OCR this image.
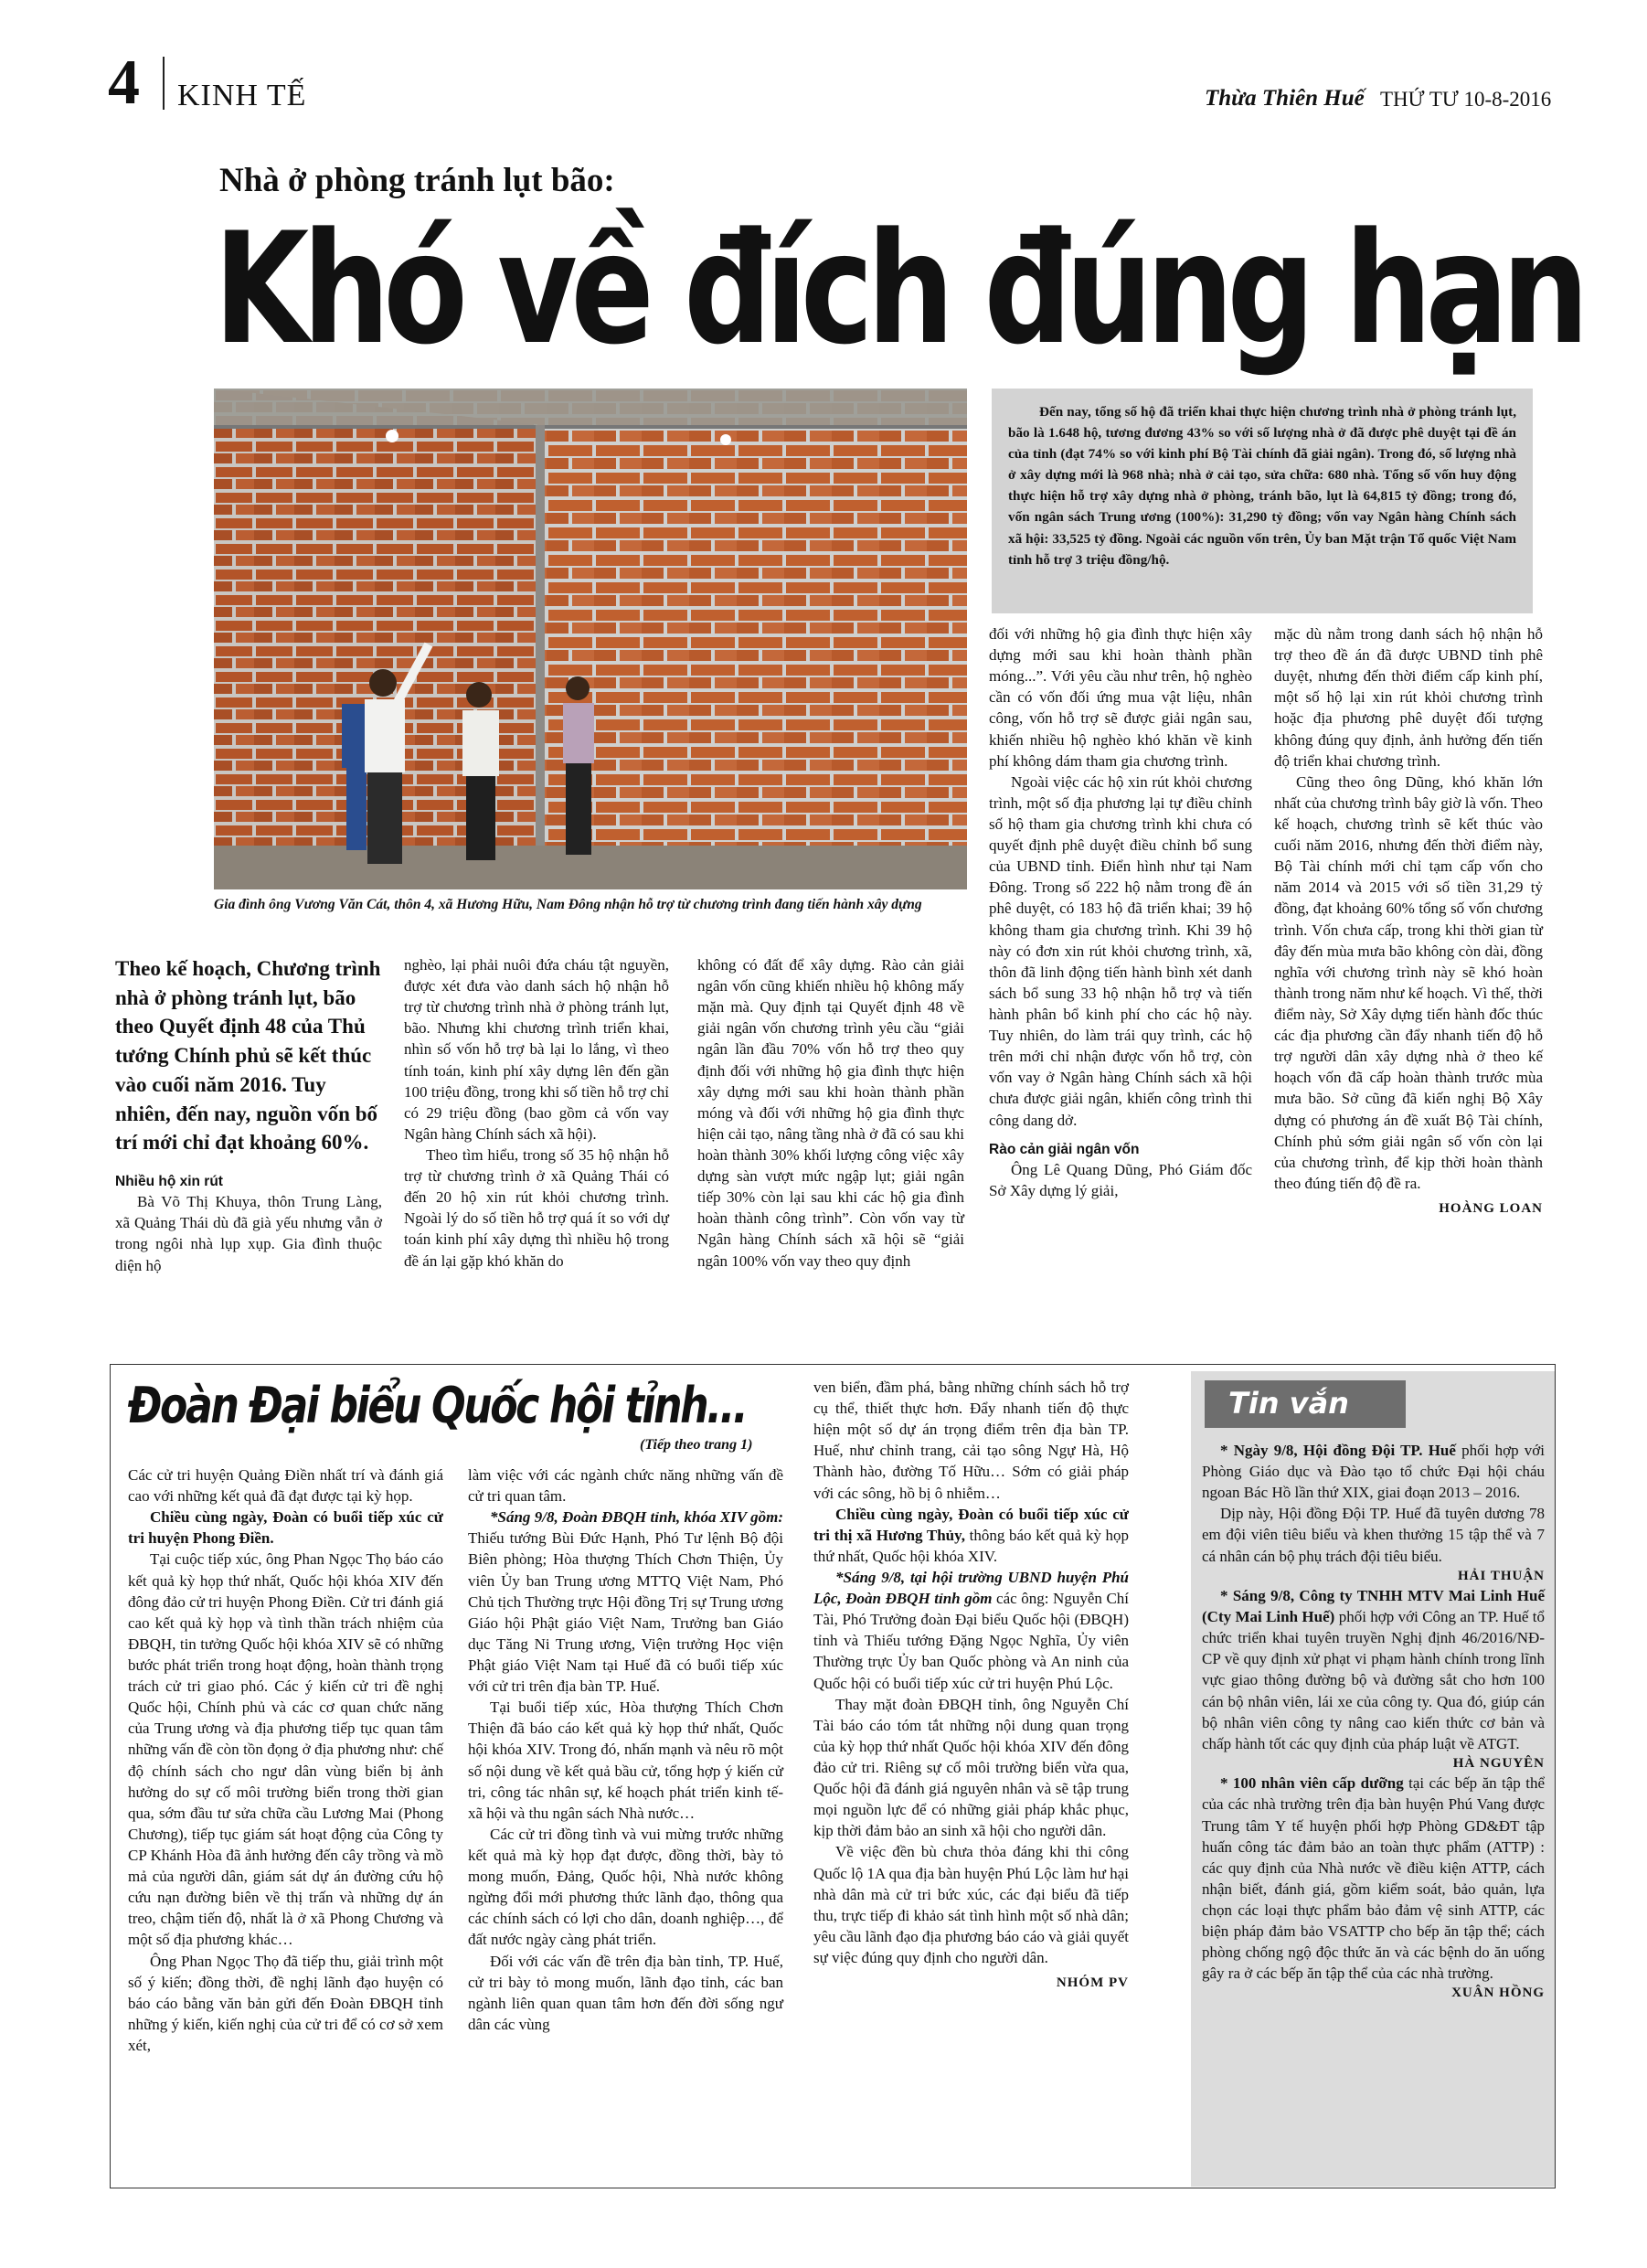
4 KINH TẾ	Thừa Thiên Huế THỨ TƯ 10-8-2016
Nhà ở phòng tránh lụt bão:
Khó về đích đúng hạn
Gia đình ông Vương Văn Cát, thôn 4, xã Hương Hữu, Nam Đông nhận hỗ trợ từ chương trình đang tiến hành xây dựng

Đến nay, tổng số hộ đã triển khai thực hiện chương trình nhà ở phòng tránh lụt, bão là 1.648 hộ, tương đương 43% so với số lượng nhà ở đã được phê duyệt tại đề án của tỉnh (đạt 74% so với kinh phí Bộ Tài chính đã giải ngân). Trong đó, số lượng nhà ở xây dựng mới là 968 nhà; nhà ở cải tạo, sửa chữa: 680 nhà. Tổng số vốn huy động thực hiện hỗ trợ xây dựng nhà ở phòng, tránh bão, lụt là 64,815 tỷ đồng; trong đó, vốn ngân sách Trung ương (100%): 31,290 tỷ đồng; vốn vay Ngân hàng Chính sách xã hội: 33,525 tỷ đồng. Ngoài các nguồn vốn trên, Ủy ban Mặt trận Tổ quốc Việt Nam tỉnh hỗ trợ 3 triệu đồng/hộ.

Theo kế hoạch, Chương trình nhà ở phòng tránh lụt, bão theo Quyết định 48 của Thủ tướng Chính phủ sẽ kết thúc vào cuối năm 2016. Tuy nhiên, đến nay, nguồn vốn bố trí mới chỉ đạt khoảng 60%.

Nhiều hộ xin rút

Bà Võ Thị Khuya, thôn Trung Làng, xã Quảng Thái dù đã già yếu nhưng vẫn ở trong ngôi nhà lụp xụp. Gia đình thuộc diện hộ

nghèo, lại phải nuôi đứa cháu tật nguyền, được xét đưa vào danh sách hộ nhận hỗ trợ từ chương trình nhà ở phòng tránh lụt, bão. Nhưng khi chương trình triển khai, nhìn số vốn hỗ trợ bà lại lo lắng, vì theo tính toán, kinh phí xây dựng lên đến gần 100 triệu đồng, trong khi số tiền hỗ trợ chỉ có 29 triệu đồng (bao gồm cả vốn vay Ngân hàng Chính sách xã hội).

Theo tìm hiểu, trong số 35 hộ nhận hỗ trợ từ chương trình ở xã Quảng Thái có đến 20 hộ xin rút khỏi chương trình. Ngoài lý do số tiền hỗ trợ quá ít so với dự toán kinh phí xây dựng thì nhiều hộ trong đề án lại gặp khó khăn do

không có đất để xây dựng. Rào cản giải ngân vốn cũng khiến nhiều hộ không mấy mặn mà. Quy định tại Quyết định 48 về giải ngân vốn chương trình yêu cầu “giải ngân lần đầu 70% vốn hỗ trợ theo quy định đối với những hộ gia đình thực hiện xây dựng mới sau khi hoàn thành phần móng và đối với những hộ gia đình thực hiện cải tạo, nâng tầng nhà ở đã có sau khi hoàn thành 30% khối lượng công việc xây dựng sàn vượt mức ngập lụt; giải ngân tiếp 30% còn lại sau khi các hộ gia đình hoàn thành công trình”. Còn vốn vay từ Ngân hàng Chính sách xã hội sẽ “giải ngân 100% vốn vay theo quy định

đối với những hộ gia đình thực hiện xây dựng mới sau khi hoàn thành phần móng...”. Với yêu cầu như trên, hộ nghèo cần có vốn đối ứng mua vật liệu, nhân công, vốn hỗ trợ sẽ được giải ngân sau, khiến nhiều hộ nghèo khó khăn về kinh phí không dám tham gia chương trình.

Ngoài việc các hộ xin rút khỏi chương trình, một số địa phương lại tự điều chỉnh số hộ tham gia chương trình khi chưa có quyết định phê duyệt điều chỉnh bổ sung của UBND tỉnh. Điển hình như tại Nam Đông. Trong số 222 hộ nằm trong đề án phê duyệt, có 183 hộ đã triển khai; 39 hộ không tham gia chương trình. Khi 39 hộ này có đơn xin rút khỏi chương trình, xã, thôn đã linh động tiến hành bình xét danh sách bổ sung 33 hộ nhận hỗ trợ và tiến hành phân bổ kinh phí cho các hộ này. Tuy nhiên, do làm trái quy trình, các hộ trên mới chỉ nhận được vốn hỗ trợ, còn vốn vay ở Ngân hàng Chính sách xã hội chưa được giải ngân, khiến công trình thi công dang dở.

Rào cản giải ngân vốn

Ông Lê Quang Dũng, Phó Giám đốc Sở Xây dựng lý giải,

mặc dù nằm trong danh sách hộ nhận hỗ trợ theo đề án đã được UBND tỉnh phê duyệt, nhưng đến thời điểm cấp kinh phí, một số hộ lại xin rút khỏi chương trình hoặc địa phương phê duyệt đối tượng không đúng quy định, ảnh hưởng đến tiến độ triển khai chương trình.

Cũng theo ông Dũng, khó khăn lớn nhất của chương trình bây giờ là vốn. Theo kế hoạch, chương trình sẽ kết thúc vào cuối năm 2016, nhưng đến thời điểm này, Bộ Tài chính mới chỉ tạm cấp vốn cho năm 2014 và 2015 với số tiền 31,29 tỷ đồng, đạt khoảng 60% tổng số vốn chương trình. Vốn chưa cấp, trong khi thời gian từ đây đến mùa mưa bão không còn dài, đồng nghĩa với chương trình này sẽ khó hoàn thành trong năm như kế hoạch. Vì thế, thời điểm này, Sở Xây dựng tiến hành đốc thúc các địa phương cần đẩy nhanh tiến độ hỗ trợ người dân xây dựng nhà ở theo kế hoạch vốn đã cấp hoàn thành trước mùa mưa bão. Sở cũng đã kiến nghị Bộ Xây dựng có phương án đề xuất Bộ Tài chính, Chính phủ sớm giải ngân số vốn còn lại của chương trình, để kịp thời hoàn thành theo đúng tiến độ đề ra.

HOÀNG LOAN

Đoàn Đại biểu Quốc hội tỉnh...
(Tiếp theo trang 1)

Các cử tri huyện Quảng Điền nhất trí và đánh giá cao với những kết quả đã đạt được tại kỳ họp.

Chiều cùng ngày, Đoàn có buổi tiếp xúc cử tri huyện Phong Điền.

Tại cuộc tiếp xúc, ông Phan Ngọc Thọ báo cáo kết quả kỳ họp thứ nhất, Quốc hội khóa XIV đến đông đảo cử tri huyện Phong Điền. Cử tri đánh giá cao kết quả kỳ họp và tình thần trách nhiệm của ĐBQH, tin tưởng Quốc hội khóa XIV sẽ có những bước phát triển trong hoạt động, hoàn thành trọng trách cử tri giao phó. Các ý kiến cử tri đề nghị Quốc hội, Chính phủ và các cơ quan chức năng của Trung ương và địa phương tiếp tục quan tâm những vấn đề còn tồn đọng ở địa phương như: chế độ chính sách cho ngư dân vùng biển bị ảnh hưởng do sự cố môi trường biển trong thời gian qua, sớm đầu tư sửa chữa cầu Lương Mai (Phong Chương), tiếp tục giám sát hoạt động của Công ty CP Khánh Hòa đã ảnh hưởng đến cây trồng và mồ mả của người dân, giám sát dự án đường cứu hộ cứu nạn đường biên về thị trấn và những dự án treo, chậm tiến độ, nhất là ở xã Phong Chương và một số địa phương khác…

Ông Phan Ngọc Thọ đã tiếp thu, giải trình một số ý kiến; đồng thời, đề nghị lãnh đạo huyện có báo cáo bằng văn bản gửi đến Đoàn ĐBQH tỉnh những ý kiến, kiến nghị của cử tri để có cơ sở xem xét,

làm việc với các ngành chức năng những vấn đề cử tri quan tâm.

*Sáng 9/8, Đoàn ĐBQH tỉnh, khóa XIV gồm: Thiếu tướng Bùi Đức Hạnh, Phó Tư lệnh Bộ đội Biên phòng; Hòa thượng Thích Chơn Thiện, Ủy viên Ủy ban Trung ương MTTQ Việt Nam, Phó Chủ tịch Thường trực Hội đồng Trị sự Trung ương Giáo hội Phật giáo Việt Nam, Trưởng ban Giáo dục Tăng Ni Trung ương, Viện trưởng Học viện Phật giáo Việt Nam tại Huế đã có buổi tiếp xúc với cử tri trên địa bàn TP. Huế.

Tại buổi tiếp xúc, Hòa thượng Thích Chơn Thiện đã báo cáo kết quả kỳ họp thứ nhất, Quốc hội khóa XIV. Trong đó, nhấn mạnh và nêu rõ một số nội dung về kết quả bầu cử, tổng hợp ý kiến cử tri, công tác nhân sự, kế hoạch phát triển kinh tế-xã hội và thu ngân sách Nhà nước…

Các cử tri đồng tình và vui mừng trước những kết quả mà kỳ họp đạt được, đồng thời, bày tỏ mong muốn, Đảng, Quốc hội, Nhà nước không ngừng đổi mới phương thức lãnh đạo, thông qua các chính sách có lợi cho dân, doanh nghiệp…, để đất nước ngày càng phát triển.

Đối với các vấn đề trên địa bàn tỉnh, TP. Huế, cử tri bày tỏ mong muốn, lãnh đạo tỉnh, các ban ngành liên quan quan tâm hơn đến đời sống ngư dân các vùng

ven biển, đầm phá, bằng những chính sách hỗ trợ cụ thể, thiết thực hơn. Đẩy nhanh tiến độ thực hiện một số dự án trọng điểm trên địa bàn TP. Huế, như chỉnh trang, cải tạo sông Ngự Hà, Hộ Thành hào, đường Tố Hữu… Sớm có giải pháp với các sông, hồ bị ô nhiễm…

Chiều cùng ngày, Đoàn có buổi tiếp xúc cử tri thị xã Hương Thủy, thông báo kết quả kỳ họp thứ nhất, Quốc hội khóa XIV.

*Sáng 9/8, tại hội trường UBND huyện Phú Lộc, Đoàn ĐBQH tỉnh gồm các ông: Nguyễn Chí Tài, Phó Trưởng đoàn Đại biểu Quốc hội (ĐBQH) tỉnh và Thiếu tướng Đặng Ngọc Nghĩa, Ủy viên Thường trực Ủy ban Quốc phòng và An ninh của Quốc hội có buổi tiếp xúc cử tri huyện Phú Lộc.

Thay mặt đoàn ĐBQH tỉnh, ông Nguyễn Chí Tài báo cáo tóm tắt những nội dung quan trọng của kỳ họp thứ nhất Quốc hội khóa XIV đến đông đảo cử tri. Riêng sự cố môi trường biển vừa qua, Quốc hội đã đánh giá nguyên nhân và sẽ tập trung mọi nguồn lực để có những giải pháp khắc phục, kịp thời đảm bảo an sinh xã hội cho người dân.

Về việc đền bù chưa thỏa đáng khi thi công Quốc lộ 1A qua địa bàn huyện Phú Lộc làm hư hại nhà dân mà cử tri bức xúc, các đại biểu đã tiếp thu, trực tiếp đi khảo sát tình hình một số nhà dân; yêu cầu lãnh đạo địa phương báo cáo và giải quyết sự việc đúng quy định cho người dân.

NHÓM PV

Tin vắn

* Ngày 9/8, Hội đồng Đội TP. Huế phối hợp với Phòng Giáo dục và Đào tạo tổ chức Đại hội cháu ngoan Bác Hồ lần thứ XIX, giai đoạn 2013 – 2016.

Dịp này, Hội đồng Đội TP. Huế đã tuyên dương 78 em đội viên tiêu biểu và khen thưởng 15 tập thể và 7 cá nhân cán bộ phụ trách đội tiêu biểu.

HẢI THUẬN

* Sáng 9/8, Công ty TNHH MTV Mai Linh Huế (Cty Mai Linh Huế) phối hợp với Công an TP. Huế tổ chức triển khai tuyên truyền Nghị định 46/2016/NĐ-CP về quy định xử phạt vi phạm hành chính trong lĩnh vực giao thông đường bộ và đường sắt cho hơn 100 cán bộ nhân viên, lái xe của công ty. Qua đó, giúp cán bộ nhân viên công ty nâng cao kiến thức cơ bản và chấp hành tốt các quy định của pháp luật về ATGT.

HÀ NGUYÊN

* 100 nhân viên cấp dưỡng tại các bếp ăn tập thể của các nhà trường trên địa bàn huyện Phú Vang được Trung tâm Y tế huyện phối hợp Phòng GD&ĐT tập huấn công tác đảm bảo an toàn thực phẩm (ATTP) : các quy định của Nhà nước về điều kiện ATTP, cách nhận biết, đánh giá, gồm kiểm soát, bảo quản, lựa chọn các loại thực phẩm bảo đảm vệ sinh ATTP, các biện pháp đảm bảo VSATTP cho bếp ăn tập thể; cách phòng chống ngộ độc thức ăn và các bệnh do ăn uống gây ra ở các bếp ăn tập thể của các nhà trường.

XUÂN HỒNG
